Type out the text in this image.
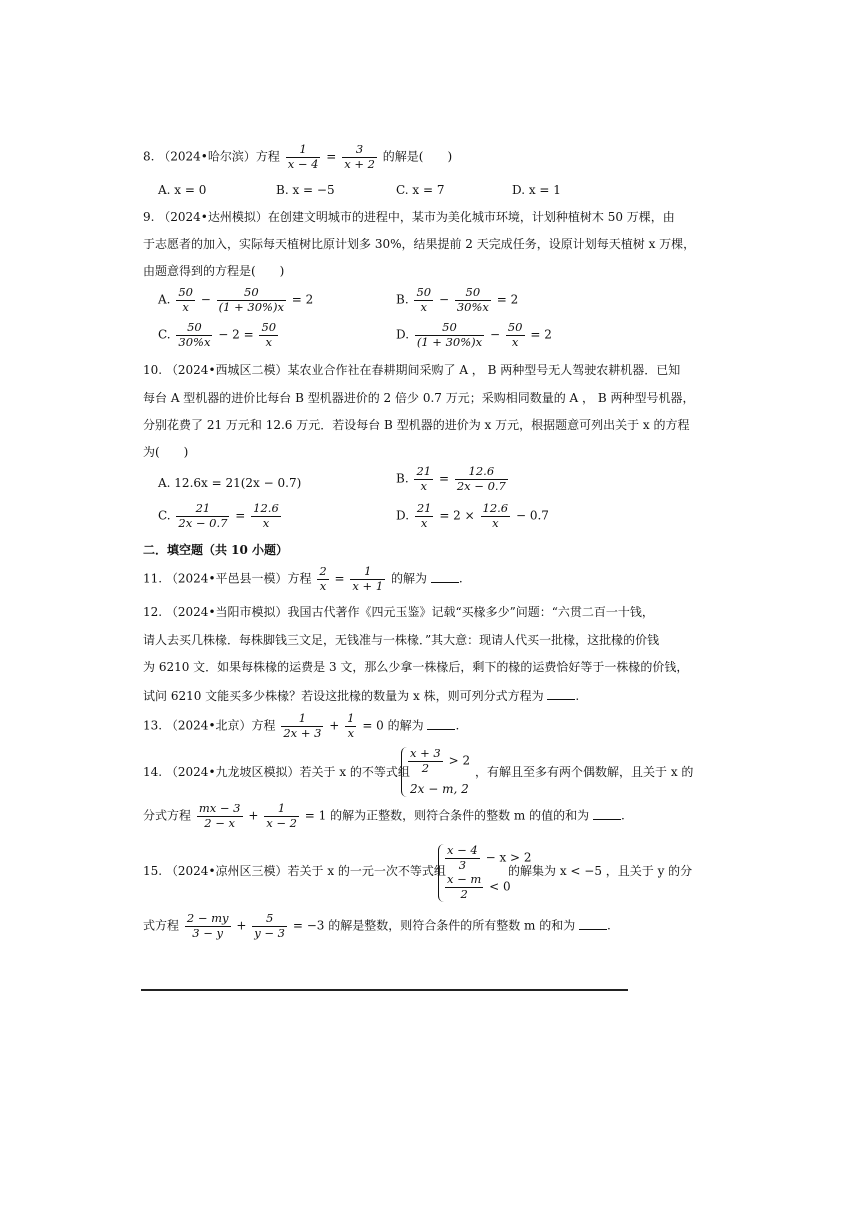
8. （2024•哈尔滨）方程 $\frac{1}{x - 4} = \frac{3}{x + 2}$ 的解是(　　)
A. x = 0	B. x = −5	C. x = 7	D. x = 1
9. （2024•达州模拟）在创建文明城市的进程中，某市为美化城市环境，计划种植树木 50 万棵，由
于志愿者的加入，实际每天植树比原计划多 30%，结果提前 2 天完成任务，设原计划每天植树 x 万棵，
由题意得到的方程是(　　)
A. $\frac{50}{x} - \frac{50}{(1 + 30\%)x} = 2$	B. $\frac{50}{x} - \frac{50}{30\%x} = 2$
C. $\frac{50}{30\%x} - 2 = \frac{50}{x}$	D. $\frac{50}{(1 + 30\%)x} - \frac{50}{x} = 2$
10. （2024•西城区二模）某农业合作社在春耕期间采购了 A ， B 两种型号无人驾驶农耕机器．已知
每台 A 型机器的进价比每台 B 型机器进价的 2 倍少 0.7 万元；采购相同数量的 A ， B 两种型号机器，
分别花费了 21 万元和 12.6 万元．若设每台 B 型机器的进价为 x 万元，根据题意可列出关于 x 的方程
为(　　)
A. 12.6x = 21(2x − 0.7)	B. $\frac{21}{x} = \frac{12.6}{2x - 0.7}$
C. $\frac{21}{2x - 0.7} = \frac{12.6}{x}$	D. $\frac{21}{x} = 2 \times \frac{12.6}{x} - 0.7$
二．填空题（共 10 小题）
11. （2024•平邑县一模）方程 $\frac{2}{x} = \frac{1}{x + 1}$ 的解为	.
12. （2024•当阳市模拟）我国古代著作《四元玉鉴》记载“买椽多少”问题：“六贯二百一十钱，
请人去买几株椽．每株脚钱三文足，无钱准与一株椽．”其大意：现请人代买一批椽，这批椽的价钱
为 6210 文．如果每株椽的运费是 3 文，那么少拿一株椽后，剩下的椽的运费恰好等于一株椽的价钱，
试问 6210 文能买多少株椽？若设这批椽的数量为 x 株，则可列分式方程为	.
13. （2024•北京）方程 $\frac{1}{2x + 3} + \frac{1}{x} = 0$ 的解为	.
14. （2024•九龙坡区模拟）若关于 x 的不等式组
$\frac{x + 3}{2} > 2$
2x − m, 2
，有解且至多有两个偶数解，且关于 x 的
分式方程 $\frac{mx - 3}{2 - x} + \frac{1}{x - 2} = 1$ 的解为正整数，则符合条件的整数 m 的值的和为	.
15. （2024•凉州区三模）若关于 x 的一元一次不等式组 $\frac{x - 4}{3} - x > 2$
$\frac{x - m}{2} < 0$
的解集为 x < −5 ，且关于 y 的分
式方程 $\frac{2 - my}{3 - y} + \frac{5}{y - 3} = -3$ 的解是整数，则符合条件的所有整数 m 的和为	.
